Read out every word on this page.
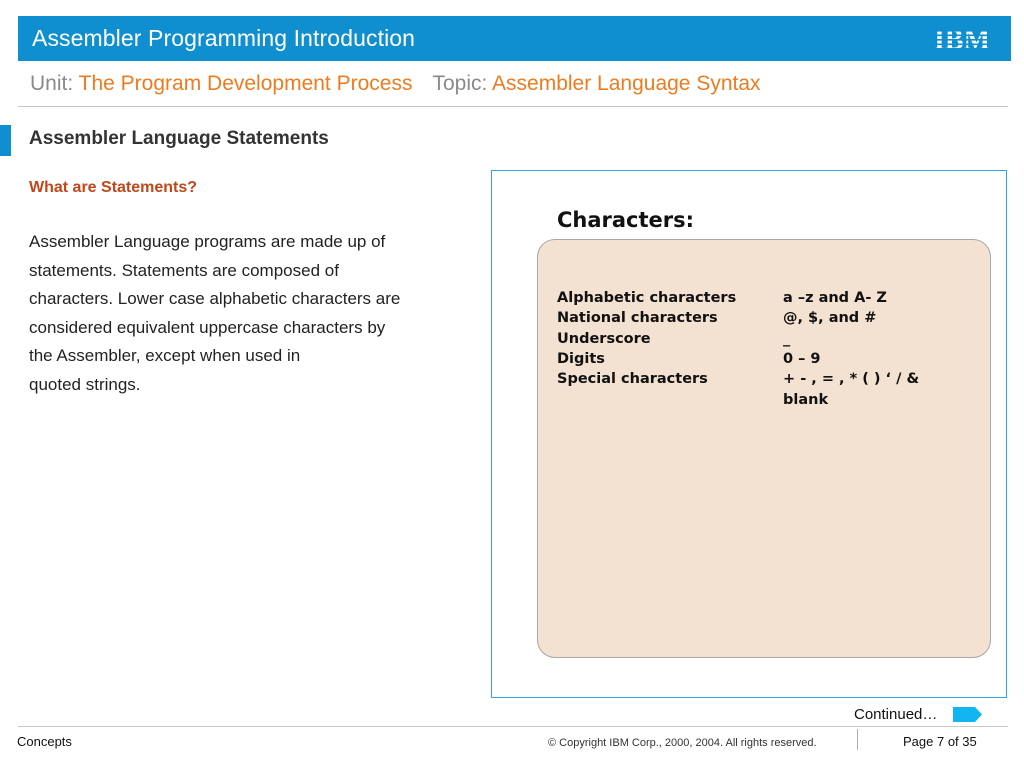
Assembler Programming Introduction
Unit: The Program Development Process Topic: Assembler Language Syntax
Assembler Language Statements
What are Statements?
Assembler Language programs are made up of
statements. Statements are composed of
characters. Lower case alphabetic characters are
considered equivalent uppercase characters by
the Assembler, except when used in
quoted strings.
Characters:
Alphabetic characters	a –z and A- Z
National characters	@, $, and #
Underscore	_
Digits	0 – 9
Special characters	+ - , = , * ( ) ‘ / &
blank
Continued…
Concepts	© Copyright IBM Corp., 2000, 2004. All rights reserved.	Page 7 of 35
